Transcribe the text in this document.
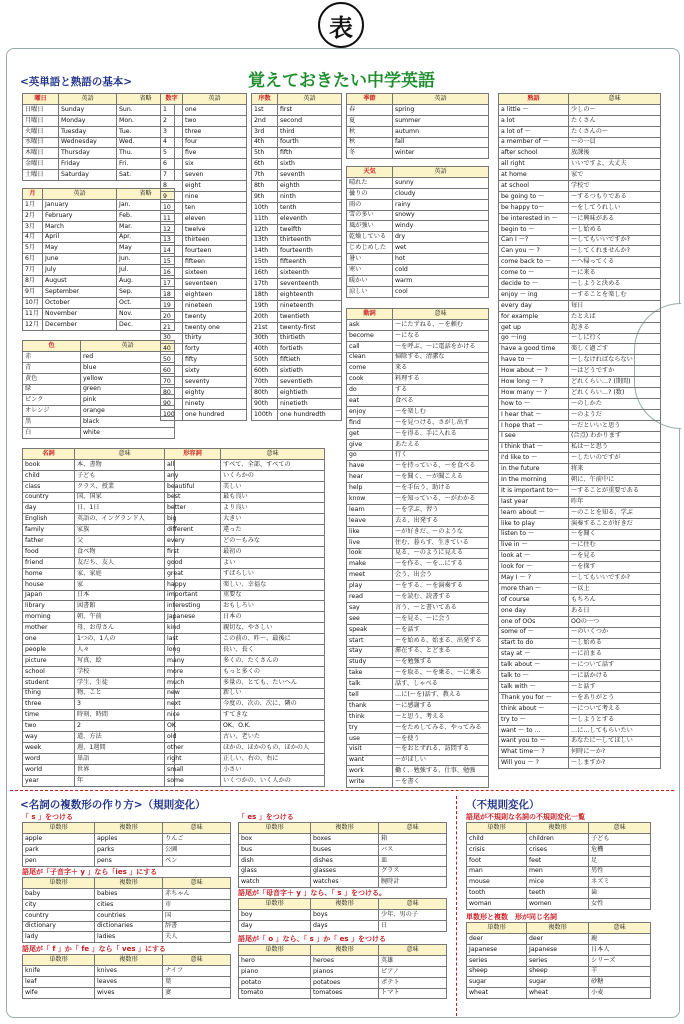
表
<英単語と熟語の基本>	覚えておきたい中学英語
曜日	英語	省略
日曜日	Sunday	Sun.
月曜日	Monday	Mon.
火曜日	Tuesday	Tue.
水曜日	Wednesday	Wed.
木曜日	Thursday	Thu.
金曜日	Friday	Fri.
土曜日	Saturday	Sat.
月	英語	省略
1月	January	Jan.
2月	February	Feb.
3月	March	Mar.
4月	April	Apr.
5月	May	May
6月	June	Jun.
7月	July	Jul.
8月	August	Aug.
9月	September	Sep.
10月	October	Oct.
11月	November	Nov.
12月	December	Dec.
色	英語
赤	red
青	blue
黄色	yellow
緑	green
ピンク	pink
オレンジ	orange
黒	black
白	white
数字	英語
1	one
2	two
3	three
4	four
5	five
6	six
7	seven
8	eight
9	nine
10	ten
11	eleven
12	twelve
13	thirteen
14	fourteen
15	fifteen
16	sixteen
17	seventeen
18	eighteen
19	nineteen
20	twenty
21	twenty one
30	thirty
40	forty
50	fifty
60	sixty
70	seventy
80	eighty
90	ninety
100	one hundred
序数	英語
1st	first
2nd	second
3rd	third
4th	fourth
5th	fifth
6th	sixth
7th	seventh
8th	eighth
9th	ninth
10th	tenth
11th	eleventh
12th	twelfth
13th	thirteenth
14th	fourteenth
15th	fifteenth
16th	sixteenth
17th	seventeenth
18th	eighteenth
19th	nineteenth
20th	twentieth
21st	twenty-first
30th	thirtieth
40th	fortieth
50th	fiftieth
60th	sixtieth
70th	seventieth
80th	eightieth
90th	ninetieth
100th	one hundredth
季節	英語
春	spring
夏	summer
秋	autumn
秋	fall
冬	winter
天気	英語
晴れた	sunny
曇りの	cloudy
雨の	rainy
雪の多い	snowy
風が強い	windy
乾燥している	dry
じめじめした	wet
暑い	hot
寒い	cold
暖かい	warm
涼しい	cool
動詞	意味
ask	～にたずねる、～を頼む
become	～になる
call	～を呼ぶ、～に電話をかける
clean	掃除する、清潔な
come	来る
cook	料理する
do	する
eat	食べる
enjoy	～を楽しむ
find	～を見つける、さがし出す
get	～を得る、手に入れる
give	あたえる
go	行く
have	～を持っている、～を食べる
hear	～を聞く、～が聞こえる
help	～を手伝う、助ける
know	～を知っている、～がわかる
learn	～を学ぶ、習う
leave	去る、出発する
like	～が好きだ、～のような
live	住む、暮らす、生きている
look	見る、～のように見える
make	～を作る、～を…にする
meet	会う、出会う
play	～をする、～を演奏する
read	～を読む、読書する
say	言う、～と書いてある
see	～を見る、～に会う
speak	～を話す
start	～を始める、始まる、出発する
stay	滞在する、とどまる
study	～を勉強する
take	～を取る、～を乗る、～に乗る
talk	話す、しゃべる
tell	…に(～を)話す、教える
thank	～に感謝する
think	～と思う、考える
try	～をためしてみる、やってみる
use	～を使う
visit	～をおとずれる、訪問する
want	～がほしい
work	働く、勉強する、仕事、勉強
write	～を書く
熟語	意味
a little ～	少しの～
a lot	たくさん
a lot of ～	たくさんの～
a member of ～	～の一員
after school	放課後
all right	いいですよ、大丈夫
at home	家で
at school	学校で
be going to ～	～するつもりである
be happy to～	～をしてうれしい
be interested in ～	～に興味がある
begin to ～	～し始める
Can I ～?	～してもいいですか?
Can you ～ ?	～してくれませんか?
come back to ～	～へ帰ってくる
come to ～	～に来る
decide to ～	～しようと決める
enjoy ～ ing	～することを楽しむ
every day	毎日
for example	たとえば
get up	起きる
go ～ing	～しに行く
have a good time	楽しく過ごす
have to ～	～しなければならない
How about ～ ?	～はどうですか
How long ～ ?	どれくらい…? (期間)
How many ～ ?	どれくらい…? (数)
how to ～	～のしかた
I hear that ～	～のようだ
I hope that ～	～だといいと思う
I see	(合点) わかります
I think that ～	私は～と思う
I'd like to ～	～したいのですが
in the future	将来
In the morning	朝に、午前中に
It is important to～	～することが重要である
last year	昨年
learn about ～	～のことを知る、学ぶ
like to play	演奏することが好きだ
listen to ～	～を聞く
live in ～	～に住む
look at ～	～を見る
look for ～	～を探す
May I ～ ?	～してもいいですか?
more than ～	～以上
of course	もちろん
one day	ある日
one of OOs	OOの一つ
some of ～	～のいくつか
start to do	～し始める
stay at ～	～に泊まる
talk about ～	～について話す
talk to ～	～に話かける
talk with ～	～と話す
Thank you for ～	～をありがとう
think about ～	～について考える
try to ～	～しようとする
want ～ to ...	…に…してもらいたい
want you to ～	あなたに～してほしい
What time～ ?	何時に～か?
Will you ～ ?	～しますか?
名詞	意味
book	本、書物
child	子ども
class	クラス、授業
country	国、国家
day	日、1日
English	英語の、イングランド人
family	家族
father	父
food	食べ物
friend	友だち、友人
home	家、家庭
house	家
Japan	日本
library	図書館
morning	朝、午前
mother	母、お母さん
one	1つの、1人の
people	人々
picture	写真、絵
school	学校
student	学生、生徒
thing	物、こと
three	3
time	時刻、時間
two	2
way	道、方法
week	週、1週間
word	単語
world	世界
year	年
形容詞	意味
all	すべて、全部、すべての
any	いくらかの
beautiful	美しい
best	最も良い
better	より良い
big	大きい
different	違った
every	どの～もみな
first	最初の
good	よい
great	すばらしい
happy	楽しい、幸福な
important	重要な
interesting	おもしろい
Japanese	日本の
kind	親切な、やさしい
last	この前の、昨～、最後に
long	長い、長く
many	多くの、たくさんの
more	もっと多くの
much	多量の、とても、たいへん
new	新しい
next	今度の、次の、次に、隣の
nice	すてきな
OK	OK、O.K.
old	古い、老いた
other	ほかの、ほかのもの、ほかの人
right	正しい、右の、右に
small	小さい
some	いくつかの、いく人かの
<名詞の複数形の作り方>（規則変化）	（不規則変化）
「 s 」をつける
単数形	複数形	意味
apple	apples	りんご
park	parks	公園
pen	pens	ペン
語尾が「子音字＋ y 」なら「ies 」にする
単数形	複数形	意味
baby	babies	赤ちゃん
city	cities	市
country	countries	国
dictionary	dictionaries	辞書
lady	ladies	夫人
語尾が「 f 」か「 fe 」なら「 ves 」にする
単数形	複数形	意味
knife	knives	ナイフ
leaf	leaves	葉
wife	wives	妻
「 es 」をつける
単数形	複数形	意味
box	boxes	箱
bus	buses	バス
dish	dishes	皿
glass	glasses	グラス
watch	watches	腕時計
語尾が「母音字＋ y 」なら、「 s 」をつける。
単数形	複数形	意味
boy	boys	少年、男の子
day	days	日
語尾が「 o 」なら、「 s 」か「 es 」をつける
単数形	複数形	意味
hero	heroes	英雄
piano	pianos	ピアノ
potato	potatoes	ポテト
tomato	tomatoes	トマト
語尾が不規則な名詞の不規則変化一覧
単数形	複数形	意味
child	children	子ども
crisis	crises	危機
foot	feet	足
man	men	男性
mouse	mice	ネズミ
tooth	teeth	歯
woman	women	女性
単数形と複数　形が同じ名詞
単数形	複数形	意味
deer	deer	鹿
Japanese	Japanese	日本人
series	series	シリーズ
sheep	sheep	羊
sugar	sugar	砂糖
wheat	wheat	小麦
